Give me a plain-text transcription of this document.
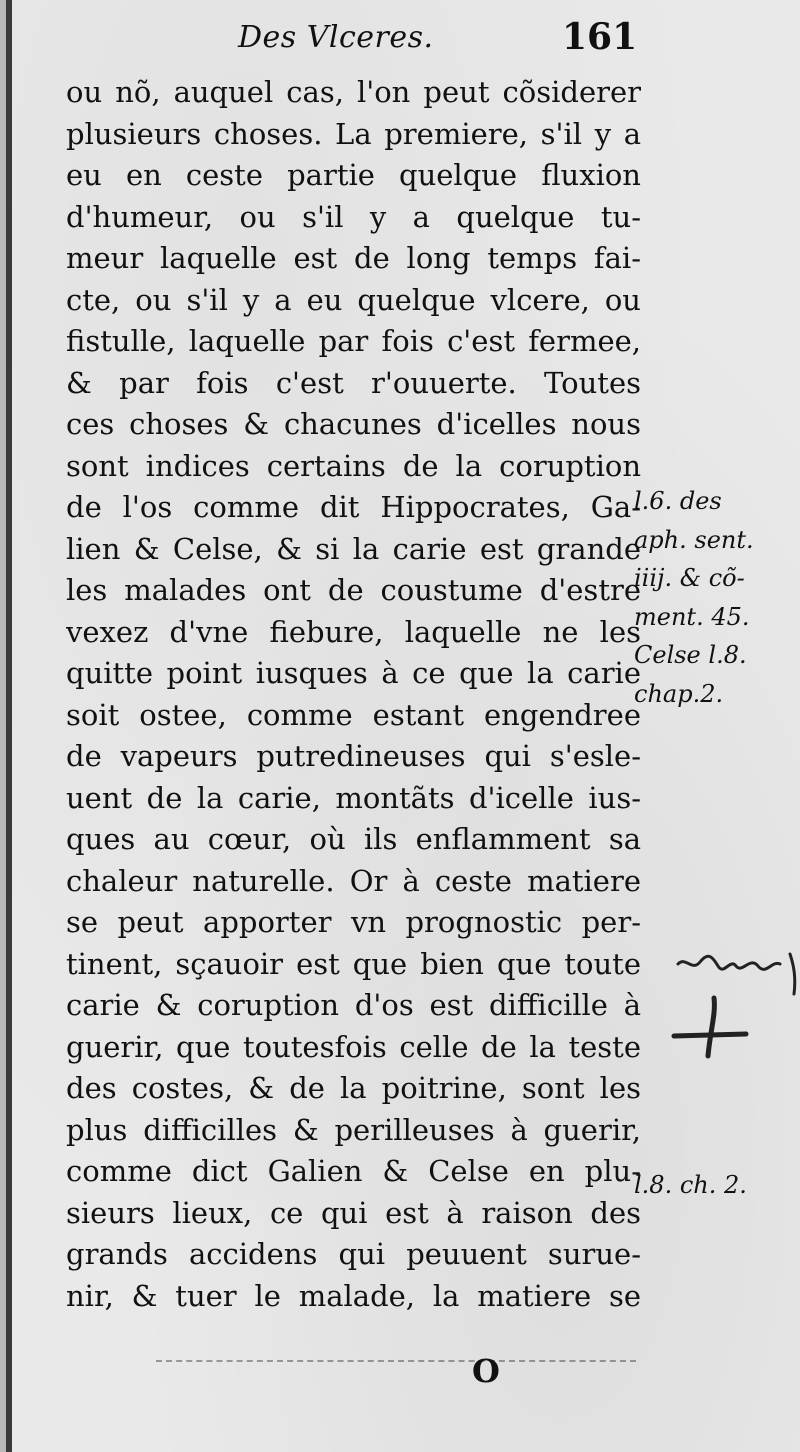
Des Vlceres.	161
ou nõ, auquel cas, l'on peut cõsiderer
plusieurs choses. La premiere, s'il y a
eu en ceste partie quelque fluxion
d'humeur, ou s'il y a quelque tu-
meur laquelle est de long temps fai-
cte, ou s'il y a eu quelque vlcere, ou
fistulle, laquelle par fois c'est fermee,
& par fois c'est r'ouuerte. Toutes
ces choses & chacunes d'icelles nous
sont indices certains de la coruption
de l'os comme dit Hippocrates, Ga-
lien & Celse, & si la carie est grande
les malades ont de coustume d'estre
vexez d'vne fiebure, laquelle ne les
quitte point iusques à ce que la carie
soit ostee, comme estant engendree
de vapeurs putredineuses qui s'esle-
uent de la carie, montãts d'icelle ius-
ques au cœur, où ils enflamment sa
chaleur naturelle. Or à ceste matiere
se peut apporter vn prognostic per-
tinent, sçauoir est que bien que toute
carie & coruption d'os est difficille à
guerir, que toutesfois celle de la teste
des costes, & de la poitrine, sont les
plus difficilles & perilleuses à guerir,
comme dict Galien & Celse en plu-
sieurs lieux, ce qui est à raison des
grands accidens qui peuuent surue-
nir, & tuer le malade, la matiere se
l.6. des
aph. sent.
iiij. & cõ-
ment. 45.
Celse l.8.
chap.2.
l.8. ch. 2.
O
